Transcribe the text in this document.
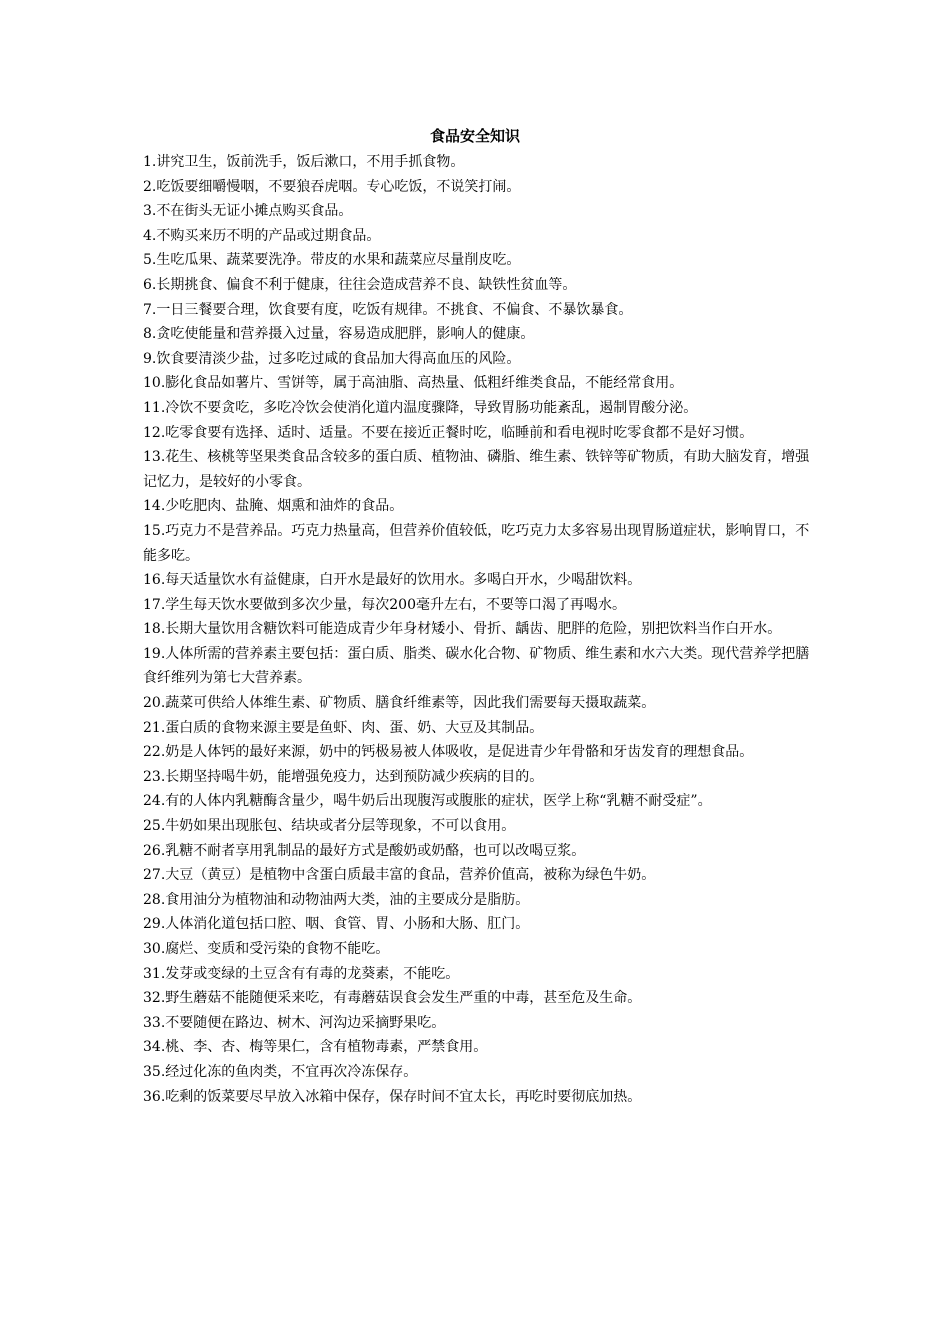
食品安全知识
1.讲究卫生，饭前洗手，饭后漱口，不用手抓食物。
2.吃饭要细嚼慢咽，不要狼吞虎咽。专心吃饭，不说笑打闹。
3.不在街头无证小摊点购买食品。
4.不购买来历不明的产品或过期食品。
5.生吃瓜果、蔬菜要洗净。带皮的水果和蔬菜应尽量削皮吃。
6.长期挑食、偏食不利于健康，往往会造成营养不良、缺铁性贫血等。
7.一日三餐要合理，饮食要有度，吃饭有规律。不挑食、不偏食、不暴饮暴食。
8.贪吃使能量和营养摄入过量，容易造成肥胖，影响人的健康。
9.饮食要清淡少盐，过多吃过咸的食品加大得高血压的风险。
10.膨化食品如薯片、雪饼等，属于高油脂、高热量、低粗纤维类食品，不能经常食用。
11.冷饮不要贪吃，多吃冷饮会使消化道内温度骤降，导致胃肠功能紊乱，遏制胃酸分泌。
12.吃零食要有选择、适时、适量。不要在接近正餐时吃，临睡前和看电视时吃零食都不是好习惯。
13.花生、核桃等坚果类食品含较多的蛋白质、植物油、磷脂、维生素、铁锌等矿物质，有助大脑发育，增强记忆力，是较好的小零食。
14.少吃肥肉、盐腌、烟熏和油炸的食品。
15.巧克力不是营养品。巧克力热量高，但营养价值较低，吃巧克力太多容易出现胃肠道症状，影响胃口，不能多吃。
16.每天适量饮水有益健康，白开水是最好的饮用水。多喝白开水，少喝甜饮料。
17.学生每天饮水要做到多次少量，每次200毫升左右，不要等口渴了再喝水。
18.长期大量饮用含糖饮料可能造成青少年身材矮小、骨折、龋齿、肥胖的危险，别把饮料当作白开水。
19.人体所需的营养素主要包括：蛋白质、脂类、碳水化合物、矿物质、维生素和水六大类。现代营养学把膳食纤维列为第七大营养素。
20.蔬菜可供给人体维生素、矿物质、膳食纤维素等，因此我们需要每天摄取蔬菜。
21.蛋白质的食物来源主要是鱼虾、肉、蛋、奶、大豆及其制品。
22.奶是人体钙的最好来源，奶中的钙极易被人体吸收，是促进青少年骨骼和牙齿发育的理想食品。
23.长期坚持喝牛奶，能增强免疫力，达到预防减少疾病的目的。
24.有的人体内乳糖酶含量少，喝牛奶后出现腹泻或腹胀的症状，医学上称“乳糖不耐受症”。
25.牛奶如果出现胀包、结块或者分层等现象，不可以食用。
26.乳糖不耐者享用乳制品的最好方式是酸奶或奶酪，也可以改喝豆浆。
27.大豆（黄豆）是植物中含蛋白质最丰富的食品，营养价值高，被称为绿色牛奶。
28.食用油分为植物油和动物油两大类，油的主要成分是脂肪。
29.人体消化道包括口腔、咽、食管、胃、小肠和大肠、肛门。
30.腐烂、变质和受污染的食物不能吃。
31.发芽或变绿的土豆含有有毒的龙葵素，不能吃。
32.野生蘑菇不能随便采来吃，有毒蘑菇误食会发生严重的中毒，甚至危及生命。
33.不要随便在路边、树木、河沟边采摘野果吃。
34.桃、李、杏、梅等果仁，含有植物毒素，严禁食用。
35.经过化冻的鱼肉类，不宜再次冷冻保存。
36.吃剩的饭菜要尽早放入冰箱中保存，保存时间不宜太长，再吃时要彻底加热。
